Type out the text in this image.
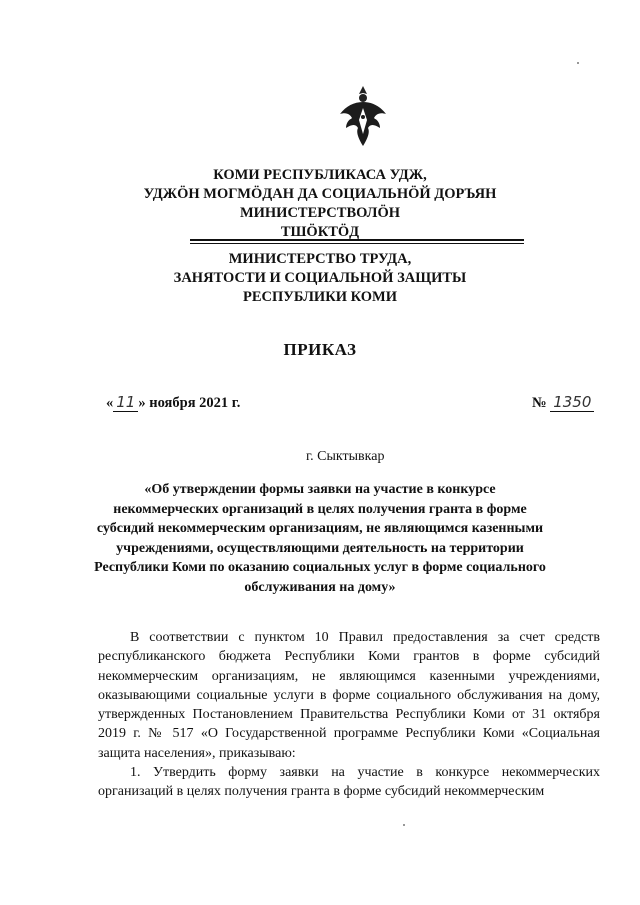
КОМИ РЕСПУБЛИКАСА УДЖ,
УДЖӦН МОГМӦДАН ДА СОЦИАЛЬНӦЙ ДОРЪЯН
МИНИСТЕРСТВОЛӦН
ТШӦКТӦД
МИНИСТЕРСТВО ТРУДА,
ЗАНЯТОСТИ И СОЦИАЛЬНОЙ ЗАЩИТЫ
РЕСПУБЛИКИ КОМИ
ПРИКАЗ
« 11 » ноября 2021 г.	№ 1350
г. Сыктывкар
«Об утверждении формы заявки на участие в конкурсе
некоммерческих организаций в целях получения гранта в форме
субсидий некоммерческим организациям, не являющимся казенными
учреждениями, осуществляющими деятельность на территории
Республики Коми по оказанию социальных услуг в форме социального
обслуживания на дому»

В соответствии с пунктом 10 Правил предоставления за счет средств республиканского бюджета Республики Коми грантов в форме субсидий некоммерческим организациям, не являющимся казенными учреждениями, оказывающими социальные услуги в форме социального обслуживания на дому, утвержденных Постановлением Правительства Республики Коми от 31 октября 2019 г. № 517 «О Государственной программе Республики Коми «Социальная защита населения», приказываю:

1. Утвердить форму заявки на участие в конкурсе некоммерческих организаций в целях получения гранта в форме субсидий некоммерческим
